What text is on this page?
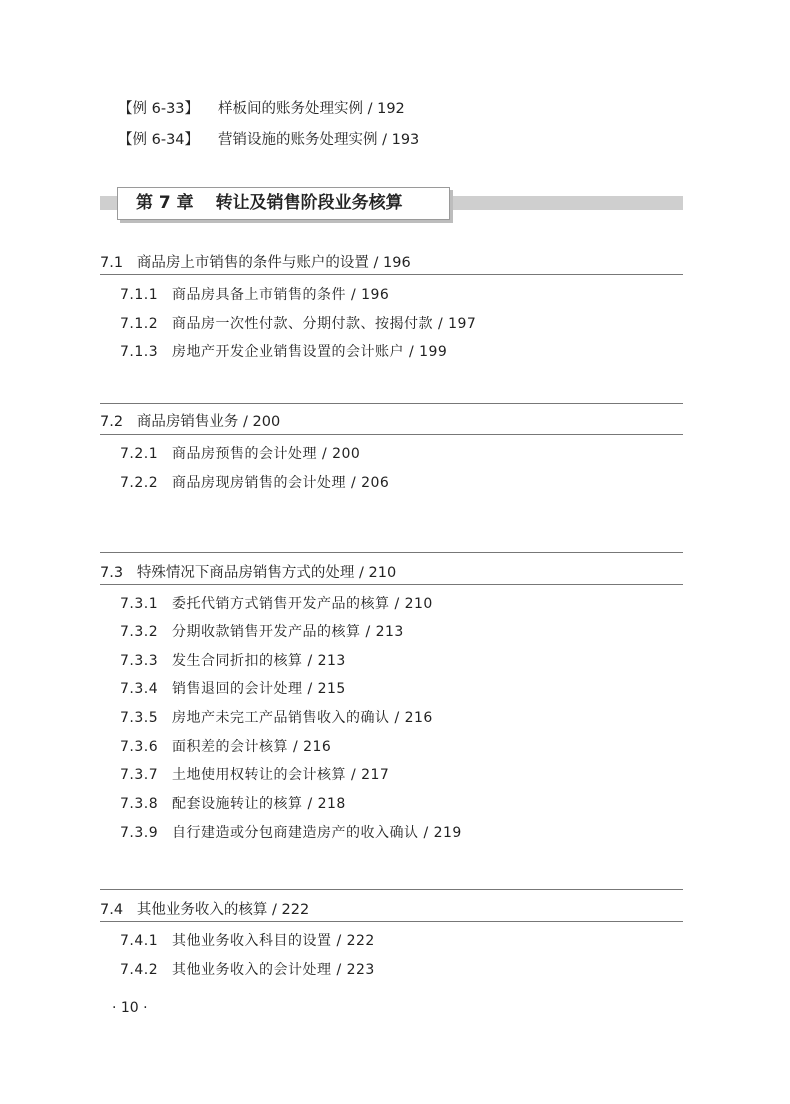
【例 6-33】 样板间的账务处理实例 / 192
【例 6-34】 营销设施的账务处理实例 / 193
第 7 章 转让及销售阶段业务核算
7.1 商品房上市销售的条件与账户的设置 / 196
7.1.1 商品房具备上市销售的条件 / 196
7.1.2 商品房一次性付款、分期付款、按揭付款 / 197
7.1.3 房地产开发企业销售设置的会计账户 / 199
7.2 商品房销售业务 / 200
7.2.1 商品房预售的会计处理 / 200
7.2.2 商品房现房销售的会计处理 / 206
7.3 特殊情况下商品房销售方式的处理 / 210
7.3.1 委托代销方式销售开发产品的核算 / 210
7.3.2 分期收款销售开发产品的核算 / 213
7.3.3 发生合同折扣的核算 / 213
7.3.4 销售退回的会计处理 / 215
7.3.5 房地产未完工产品销售收入的确认 / 216
7.3.6 面积差的会计核算 / 216
7.3.7 土地使用权转让的会计核算 / 217
7.3.8 配套设施转让的核算 / 218
7.3.9 自行建造或分包商建造房产的收入确认 / 219
7.4 其他业务收入的核算 / 222
7.4.1 其他业务收入科目的设置 / 222
7.4.2 其他业务收入的会计处理 / 223
· 10 ·
